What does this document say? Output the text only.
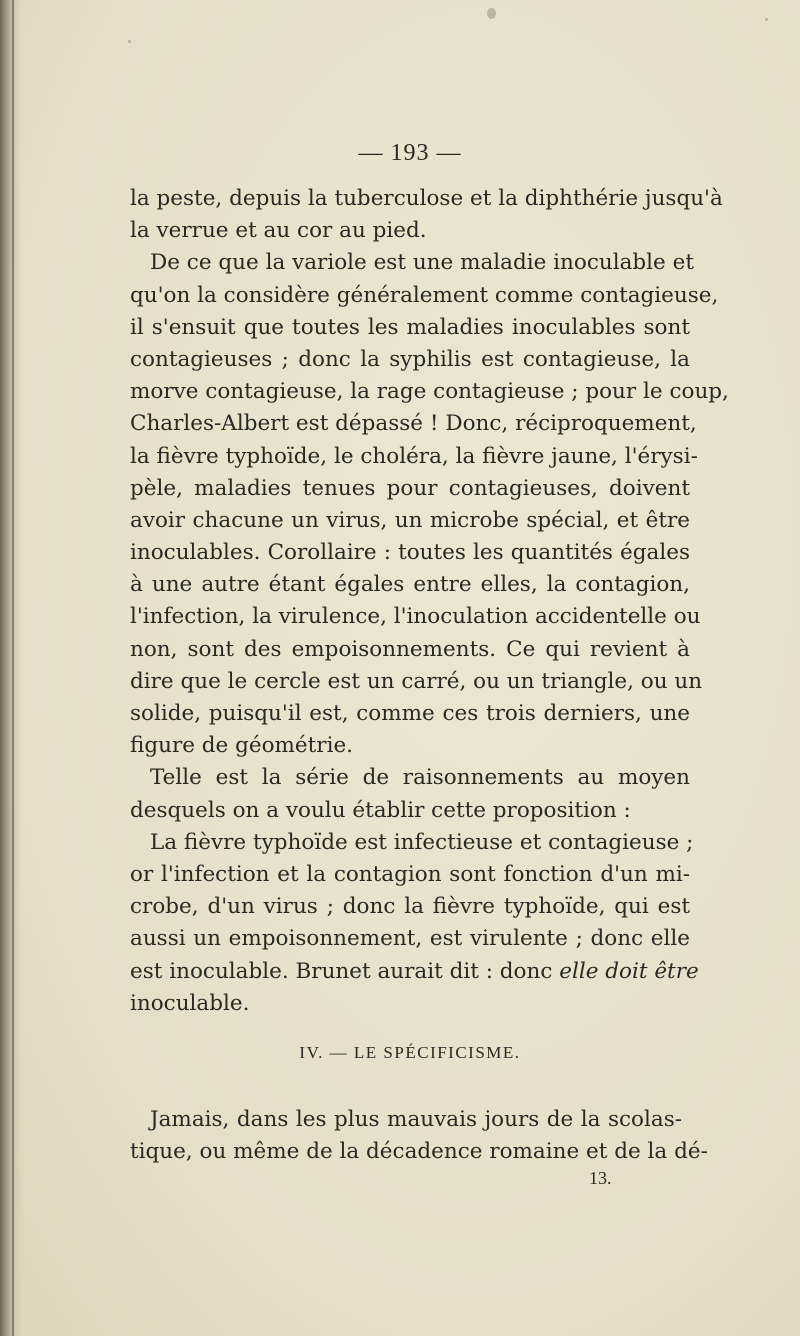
— 193 —
la peste, depuis la tuberculose et la diphthérie jusqu'à
la verrue et au cor au pied.
De ce que la variole est une maladie inoculable et
qu'on la considère généralement comme contagieuse,
il s'ensuit que toutes les maladies inoculables sont
contagieuses ; donc la syphilis est contagieuse, la
morve contagieuse, la rage contagieuse ; pour le coup,
Charles-Albert est dépassé ! Donc, réciproquement,
la fièvre typhoïde, le choléra, la fièvre jaune, l'érysi-
pèle, maladies tenues pour contagieuses, doivent
avoir chacune un virus, un microbe spécial, et être
inoculables. Corollaire : toutes les quantités égales
à une autre étant égales entre elles, la contagion,
l'infection, la virulence, l'inoculation accidentelle ou
non, sont des empoisonnements. Ce qui revient à
dire que le cercle est un carré, ou un triangle, ou un
solide, puisqu'il est, comme ces trois derniers, une
figure de géométrie.
Telle est la série de raisonnements au moyen
desquels on a voulu établir cette proposition :
La fièvre typhoïde est infectieuse et contagieuse ;
or l'infection et la contagion sont fonction d'un mi-
crobe, d'un virus ; donc la fièvre typhoïde, qui est
aussi un empoisonnement, est virulente ; donc elle
est inoculable. Brunet aurait dit : donc elle doit être
inoculable.
IV. — LE SPÉCIFICISME.
Jamais, dans les plus mauvais jours de la scolas-
tique, ou même de la décadence romaine et de la dé-
13.
